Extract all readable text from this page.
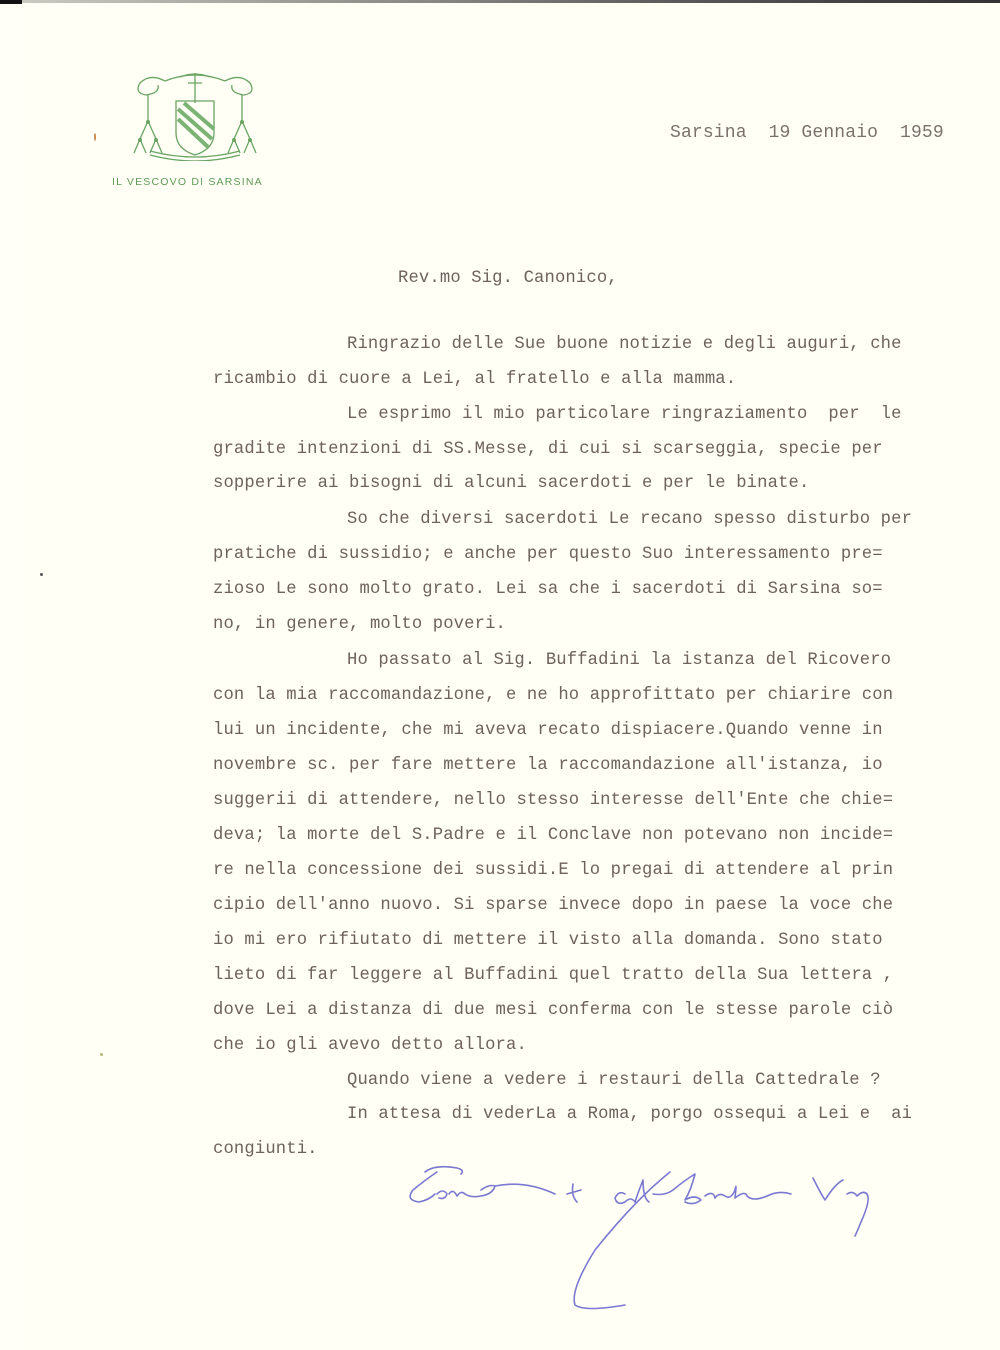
IL VESCOVO DI SARSINA
Sarsina  19 Gennaio  1959
Rev.mo Sig. Canonico,
Ringrazio delle Sue buone notizie e degli auguri, che
ricambio di cuore a Lei, al fratello e alla mamma.
Le esprimo il mio particolare ringraziamento  per  le
gradite intenzioni di SS.Messe, di cui si scarseggia, specie per
sopperire ai bisogni di alcuni sacerdoti e per le binate.
So che diversi sacerdoti Le recano spesso disturbo per
pratiche di sussidio; e anche per questo Suo interessamento pre=
zioso Le sono molto grato. Lei sa che i sacerdoti di Sarsina so=
no, in genere, molto poveri.
Ho passato al Sig. Buffadini la istanza del Ricovero
con la mia raccomandazione, e ne ho approfittato per chiarire con
lui un incidente, che mi aveva recato dispiacere.Quando venne in
novembre sc. per fare mettere la raccomandazione all'istanza, io
suggerii di attendere, nello stesso interesse dell'Ente che chie=
deva; la morte del S.Padre e il Conclave non potevano non incide=
re nella concessione dei sussidi.E lo pregai di attendere al prin
cipio dell'anno nuovo. Si sparse invece dopo in paese la voce che
io mi ero rifiutato di mettere il visto alla domanda. Sono stato
lieto di far leggere al Buffadini quel tratto della Sua lettera ,
dove Lei a distanza di due mesi conferma con le stesse parole ciò
che io gli avevo detto allora.
Quando viene a vedere i restauri della Cattedrale ?
In attesa di vederLa a Roma, porgo ossequi a Lei e  ai
congiunti.
